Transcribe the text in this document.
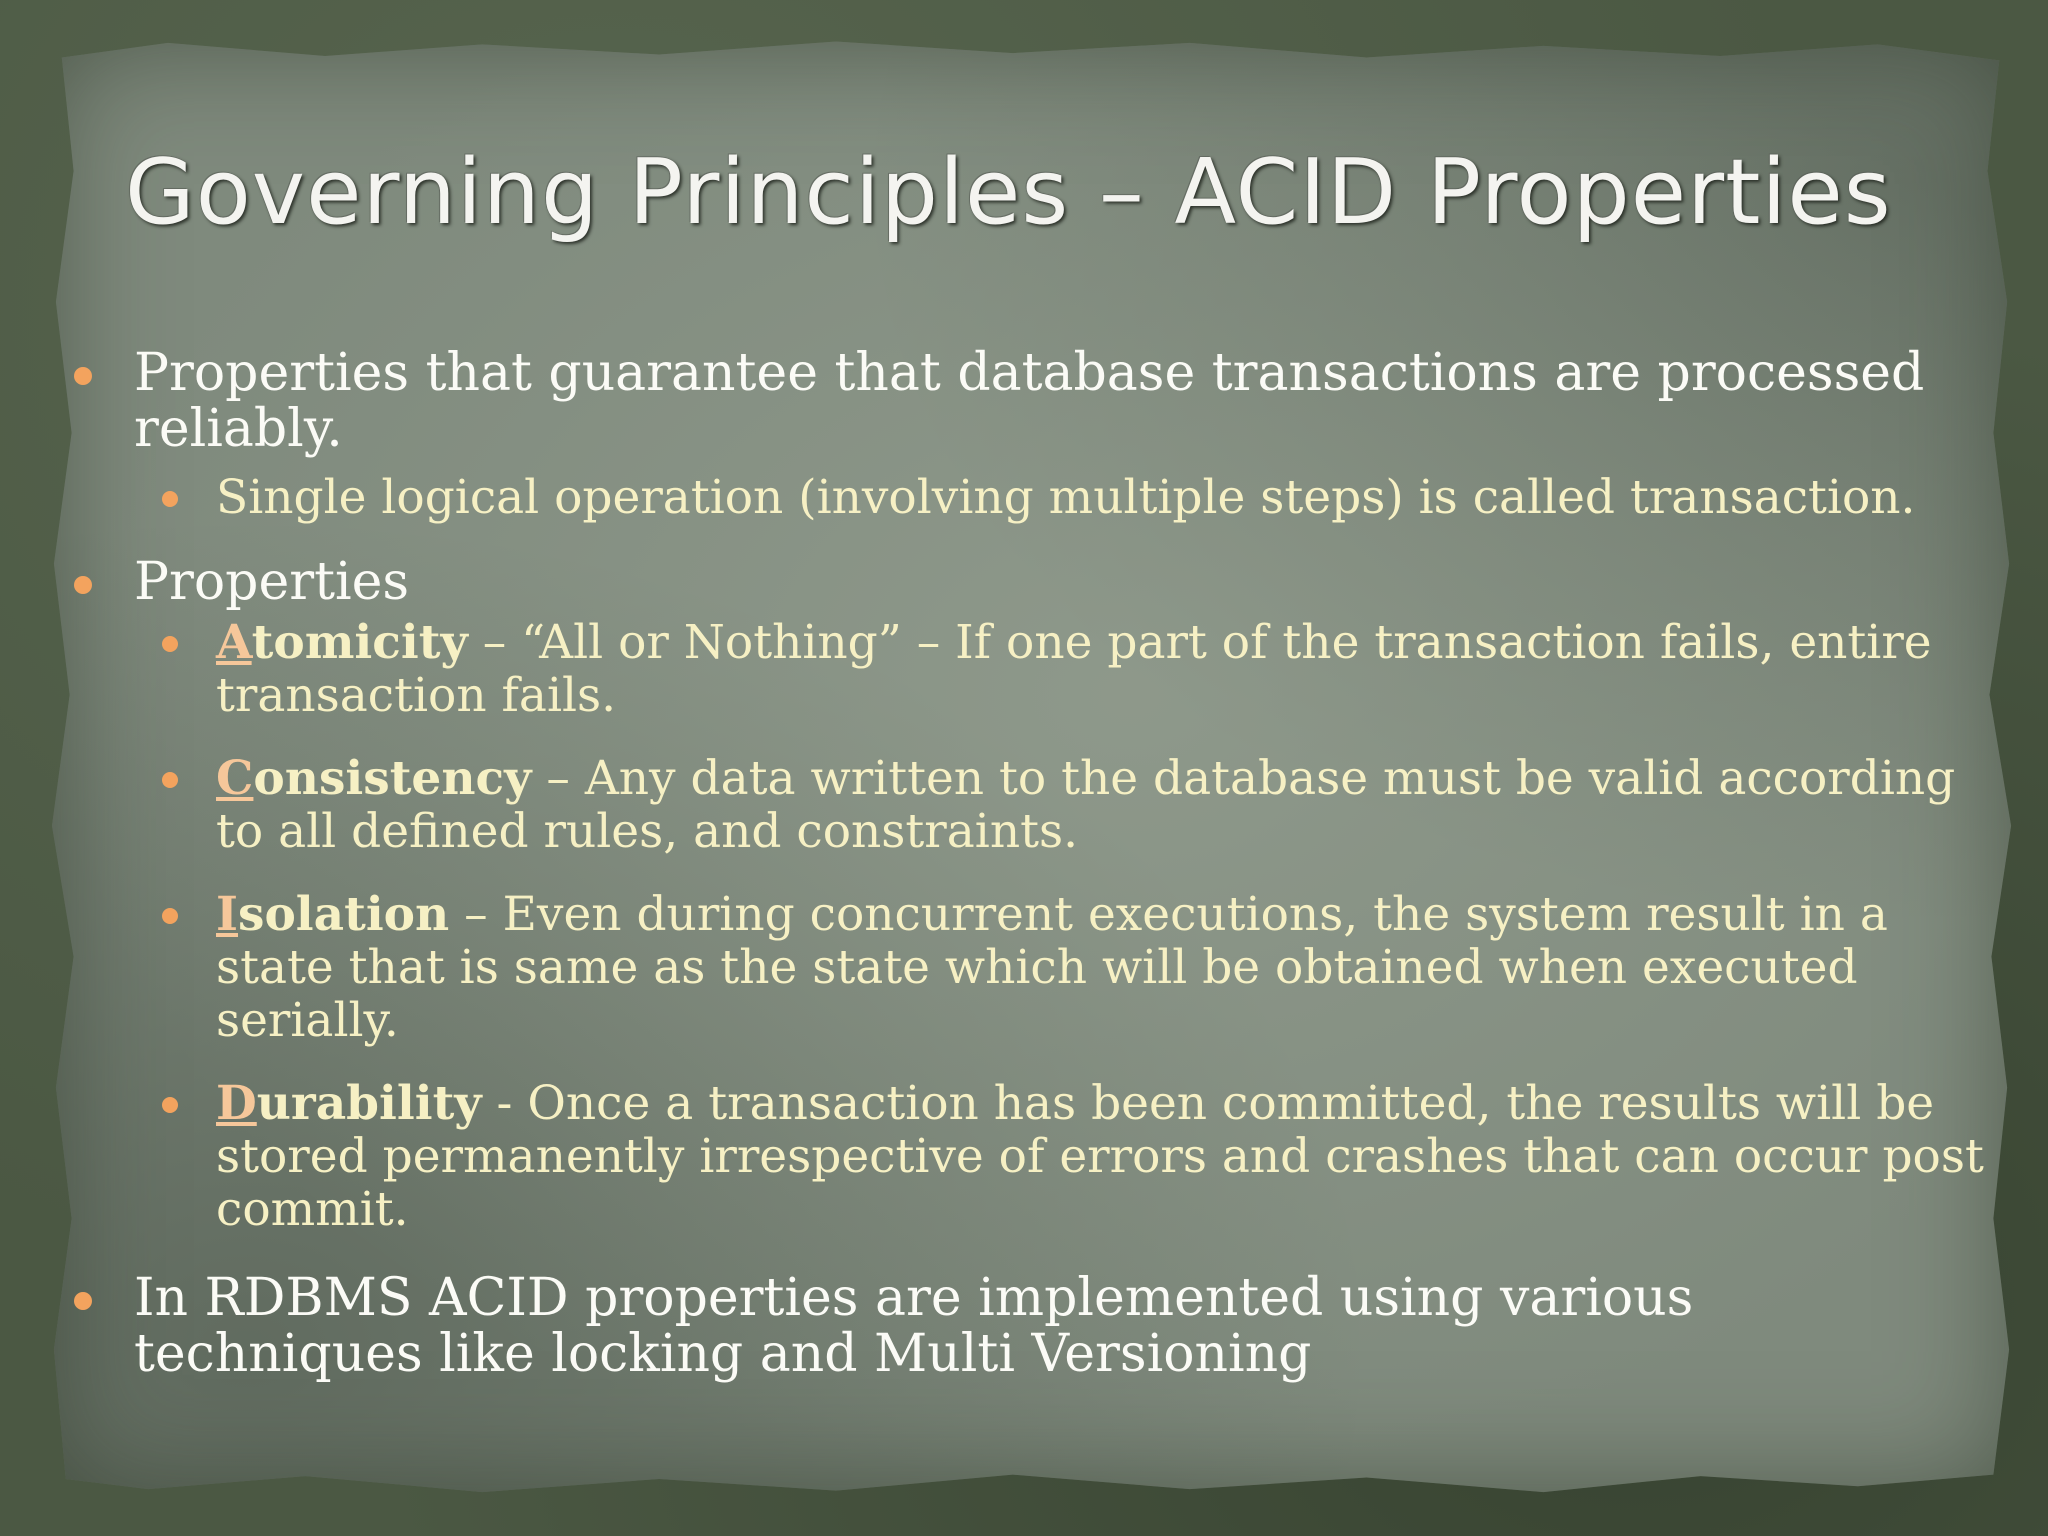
Governing Principles – ACID Properties
Properties that guarantee that database transactions are processed reliably.
Single logical operation (involving multiple steps) is called transaction.
Properties
Atomicity – “All or Nothing” – If one part of the transaction fails, entire transaction fails.
Consistency – Any data written to the database must be valid according to all defined rules, and constraints.
Isolation – Even during concurrent executions, the system result in a state that is same as the state which will be obtained when executed serially.
Durability - Once a transaction has been committed, the results will be stored permanently irrespective of errors and crashes that can occur post commit.
In RDBMS ACID properties are implemented using various techniques like locking and Multi Versioning
